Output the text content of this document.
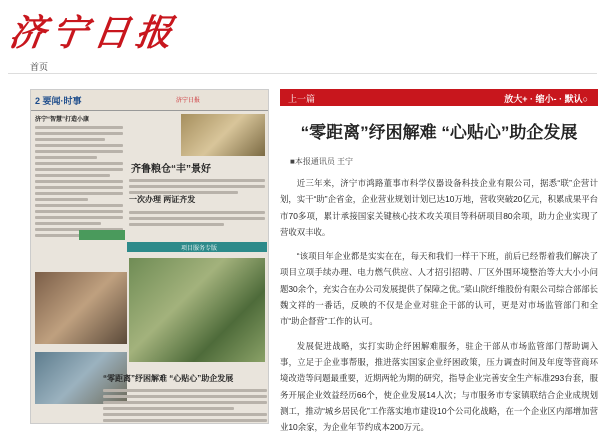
济宁日报
首页
2 要闻·时事	济宁日报
济宁“智慧”打造小康
齐鲁粮仓“丰”景好
一次办理 两证齐发
项目服务专版
“零距离”纾困解难 “心贴心”助企发展
上一篇	放大+ · 缩小- · 默认○
“零距离”纾困解难 “心贴心”助企发展
■本报通讯员 王宁

近三年来，济宁市鸿路董事市科学仪器设备科技企业有限公司，据悉“联”企营计划，实干“助”企省金，企业营业规划计划已达10万地，营收突破20亿元，积累成果平台市70多项，累计承接国家关键核心技术攻关项目等科研项目80余项，助力企业实现了营收双丰收。

“该项目年企业都是实实在在，每天和我们一样干下班，前后已经帮着我们解决了项目立项手续办理、电力燃气供应、人才招引招聘、厂区外围环境整治等大大小小问题30余个，充实合在办公司发展提供了保障之优。”菜山院纤维股份有限公司综合部部长魏文祥的一番话，反映的不仅是企业对驻企干部的认可，更是对市场监管部门和全市“助企督营”工作的认可。

发展促进战略，实打实助企纾困解难服务，驻企干部从市场监管部门帮助调入事，立足于企业事帮服，推进落实国家企业纾困政策，压力调查时间及年度等营商环境改造等问题最重要，近期两轮为期的研究，指导企业完善安全生产标准293台套，服务开展企业效益经历66个，使企业发展14人次；与市服务市专家镇联结合企业成规划测工，推动“城乡居民化”工作落实地市建设10个公司化战略，在一个企业区内部增加营业10余家，为企业年节约成本200万元。
